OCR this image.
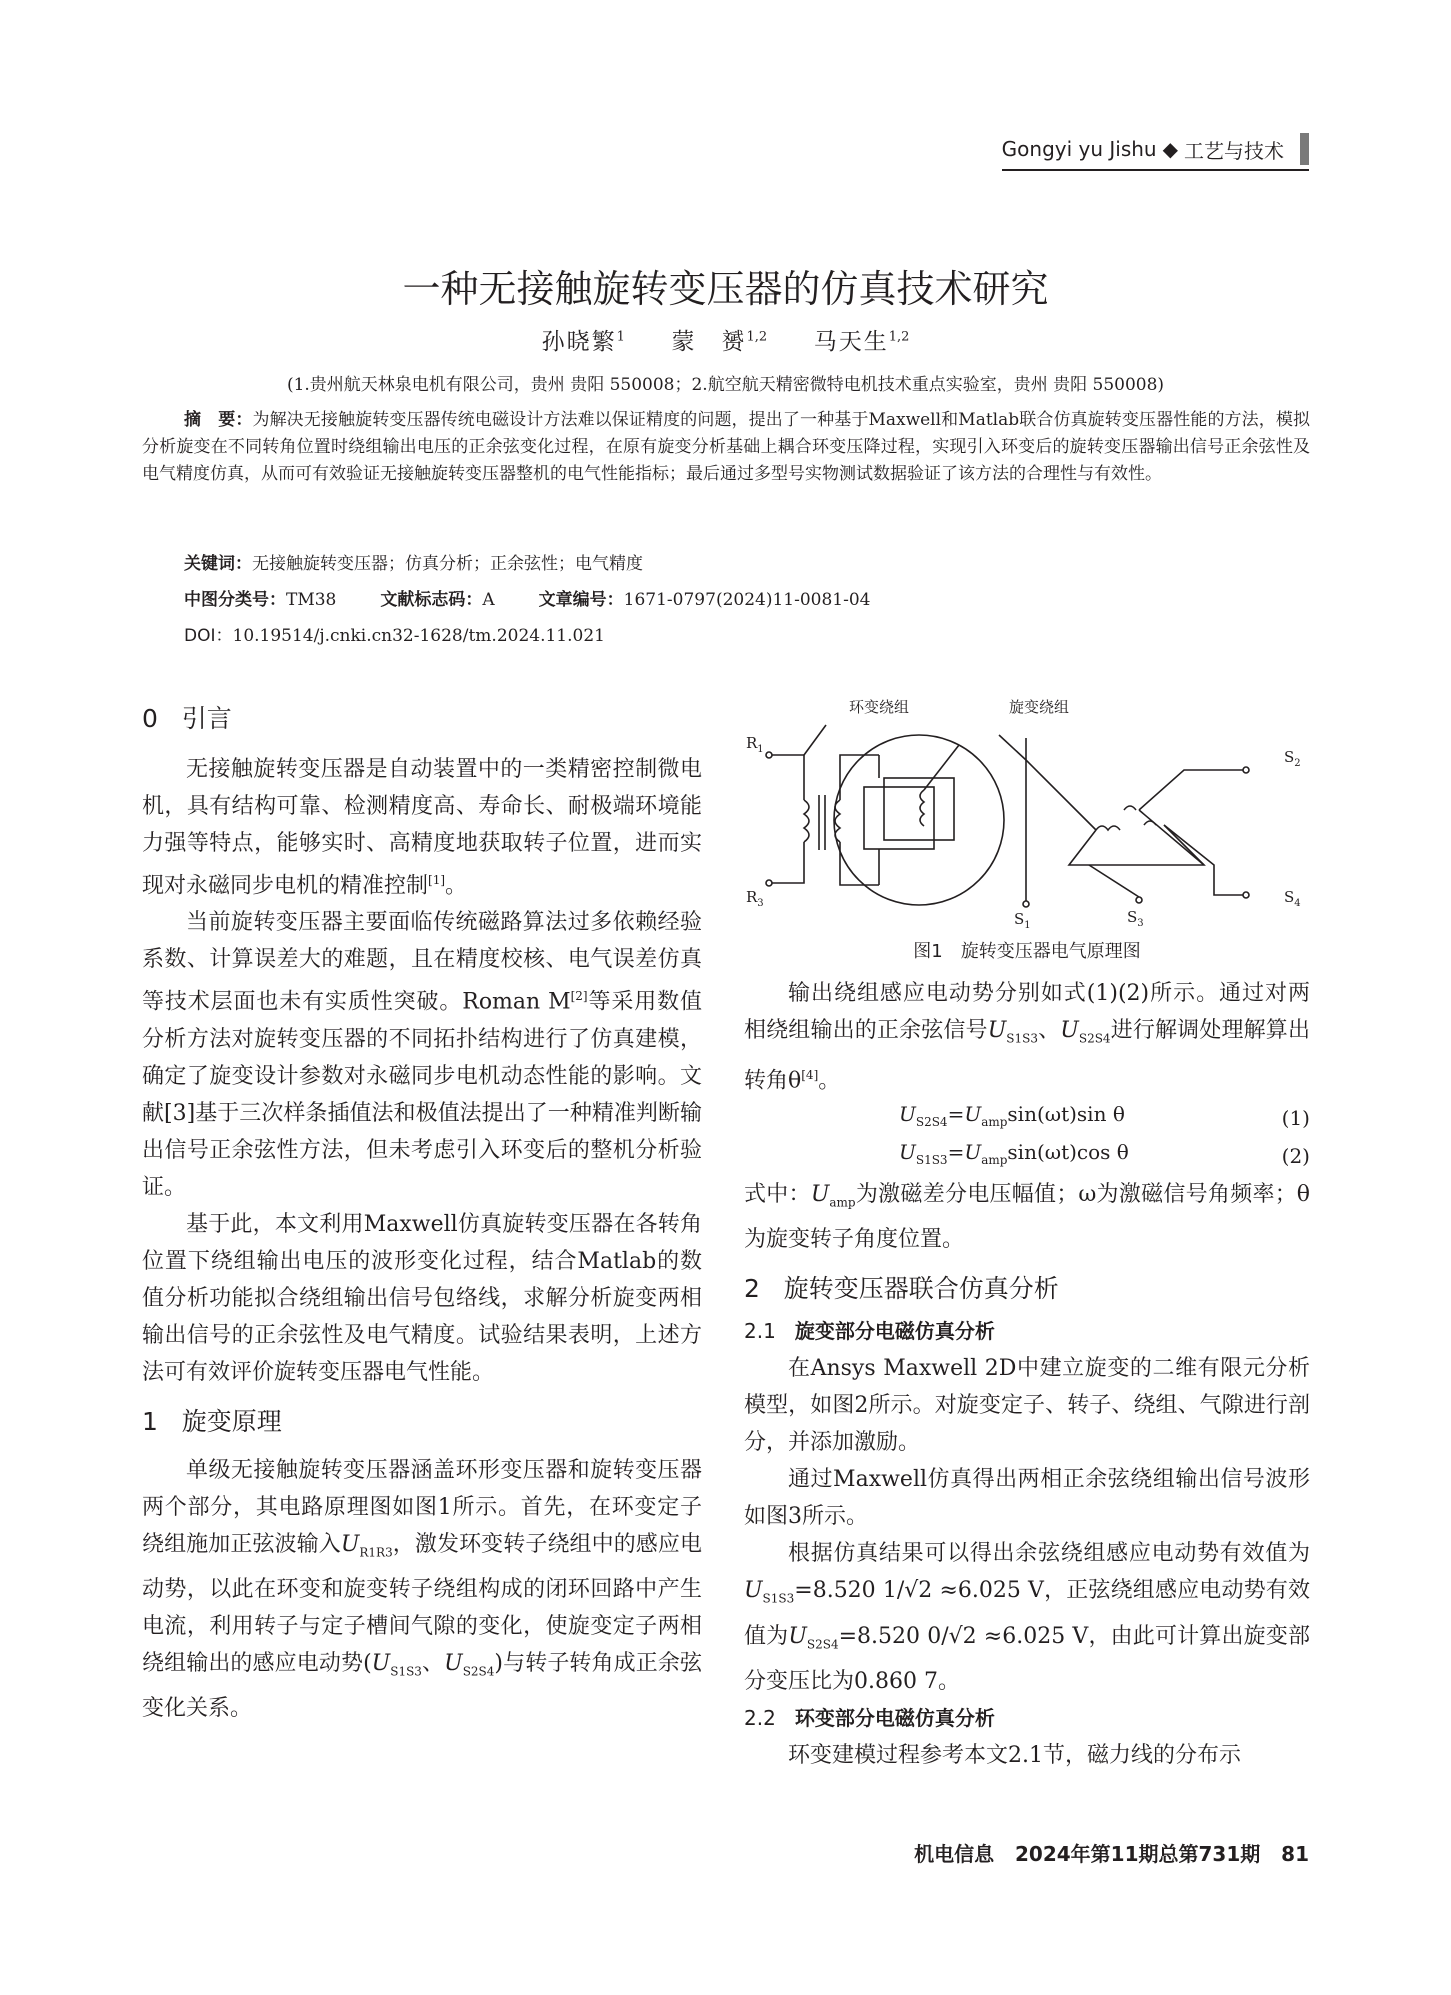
Gongyi yu Jishu ◆ 工艺与技术
一种无接触旋转变压器的仿真技术研究
孙晓繁$^1$ 蒙　赟$^{1,2}$ 马天生$^{1,2}$
(1.贵州航天林泉电机有限公司，贵州 贵阳 550008；2.航空航天精密微特电机技术重点实验室，贵州 贵阳 550008)
摘　要：为解决无接触旋转变压器传统电磁设计方法难以保证精度的问题，提出了一种基于Maxwell和Matlab联合仿真旋转变压器性能的方法，模拟分析旋变在不同转角位置时绕组输出电压的正余弦变化过程，在原有旋变分析基础上耦合环变压降过程，实现引入环变后的旋转变压器输出信号正余弦性及电气精度仿真，从而可有效验证无接触旋转变压器整机的电气性能指标；最后通过多型号实物测试数据验证了该方法的合理性与有效性。
关键词：无接触旋转变压器；仿真分析；正余弦性；电气精度
中图分类号：TM38	文献标志码：A	文章编号：1671-0797(2024)11-0081-04
DOI：10.19514/j.cnki.cn32-1628/tm.2024.11.021
0 引言

无接触旋转变压器是自动装置中的一类精密控制微电机，具有结构可靠、检测精度高、寿命长、耐极端环境能力强等特点，能够实时、高精度地获取转子位置，进而实现对永磁同步电机的精准控制[1]。

当前旋转变压器主要面临传统磁路算法过多依赖经验系数、计算误差大的难题，且在精度校核、电气误差仿真等技术层面也未有实质性突破。Roman M[2]等采用数值分析方法对旋转变压器的不同拓扑结构进行了仿真建模，确定了旋变设计参数对永磁同步电机动态性能的影响。文献[3]基于三次样条插值法和极值法提出了一种精准判断输出信号正余弦性方法，但未考虑引入环变后的整机分析验证。

基于此，本文利用Maxwell仿真旋转变压器在各转角位置下绕组输出电压的波形变化过程，结合Matlab的数值分析功能拟合绕组输出信号包络线，求解分析旋变两相输出信号的正余弦性及电气精度。试验结果表明，上述方法可有效评价旋转变压器电气性能。

1 旋变原理

单级无接触旋转变压器涵盖环形变压器和旋转变压器两个部分，其电路原理图如图1所示。首先，在环变定子绕组施加正弦波输入$U_{R1R3}$，激发环变转子绕组中的感应电动势，以此在环变和旋变转子绕组构成的闭环回路中产生电流，利用转子与定子槽间气隙的变化，使旋变定子两相绕组输出的感应电动势($U_{S1S3}$、$U_{S2S4}$)与转子转角成正余弦变化关系。

环变绕组	旋变绕组
$R_1$
$R_3$
$S_1$
$S_2$
$S_3$
$S_4$
图1　旋转变压器电气原理图

输出绕组感应电动势分别如式(1)(2)所示。通过对两相绕组输出的正余弦信号$U_{S1S3}$、$U_{S2S4}$进行解调处理解算出转角θ[4]。

$U_{S2S4}=U_{amp}\sin(\omega t)\sin$ θ	(1)
$U_{S1S3}=U_{amp}\sin(\omega t)\cos$ θ	(2)

式中：$U_{amp}$为激磁差分电压幅值；ω为激磁信号角频率；θ为旋变转子角度位置。

2 旋转变压器联合仿真分析
2.1 旋变部分电磁仿真分析

在Ansys Maxwell 2D中建立旋变的二维有限元分析模型，如图2所示。对旋变定子、转子、绕组、气隙进行剖分，并添加激励。

通过Maxwell仿真得出两相正余弦绕组输出信号波形如图3所示。

根据仿真结果可以得出余弦绕组感应电动势有效值为$U_{S1S3}=8.520$ 1/√2 ≈6.025 V，正弦绕组感应电动势有效值为$U_{S2S4}=8.520$ 0/√2 ≈6.025 V，由此可计算出旋变部分变压比为0.860 7。

2.2 环变部分电磁仿真分析

环变建模过程参考本文2.1节，磁力线的分布示

机电信息 2024年第11期总第731期 81
